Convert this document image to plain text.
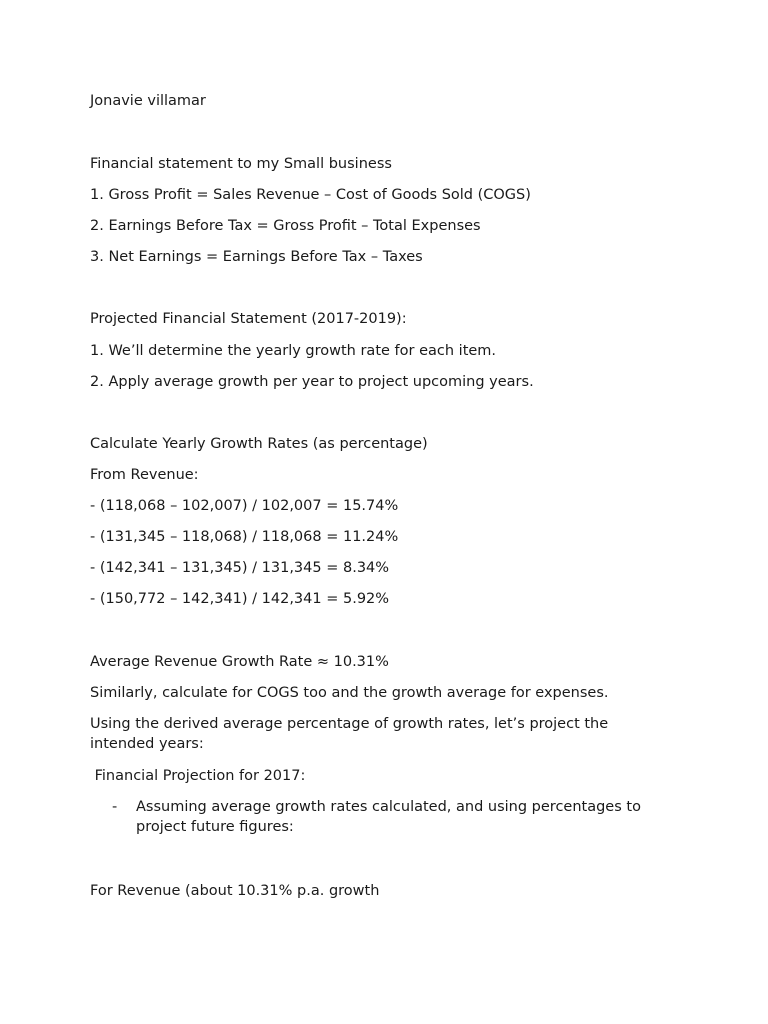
Jonavie villamar
Financial statement to my Small business
1. Gross Profit = Sales Revenue – Cost of Goods Sold (COGS)
2. Earnings Before Tax = Gross Profit – Total Expenses
3. Net Earnings = Earnings Before Tax – Taxes
Projected Financial Statement (2017-2019):
1. We’ll determine the yearly growth rate for each item.
2. Apply average growth per year to project upcoming years.
Calculate Yearly Growth Rates (as percentage)
From Revenue:
- (118,068 – 102,007) / 102,007 = 15.74%
- (131,345 – 118,068) / 118,068 = 11.24%
- (142,341 – 131,345) / 131,345 = 8.34%
- (150,772 – 142,341) / 142,341 = 5.92%
Average Revenue Growth Rate ≈ 10.31%
Similarly, calculate for COGS too and the growth average for expenses.
Using the derived average percentage of growth rates, let’s project the intended years:
Financial Projection for 2017:
-	Assuming average growth rates calculated, and using percentages to project future figures:
For Revenue (about 10.31% p.a. growth
